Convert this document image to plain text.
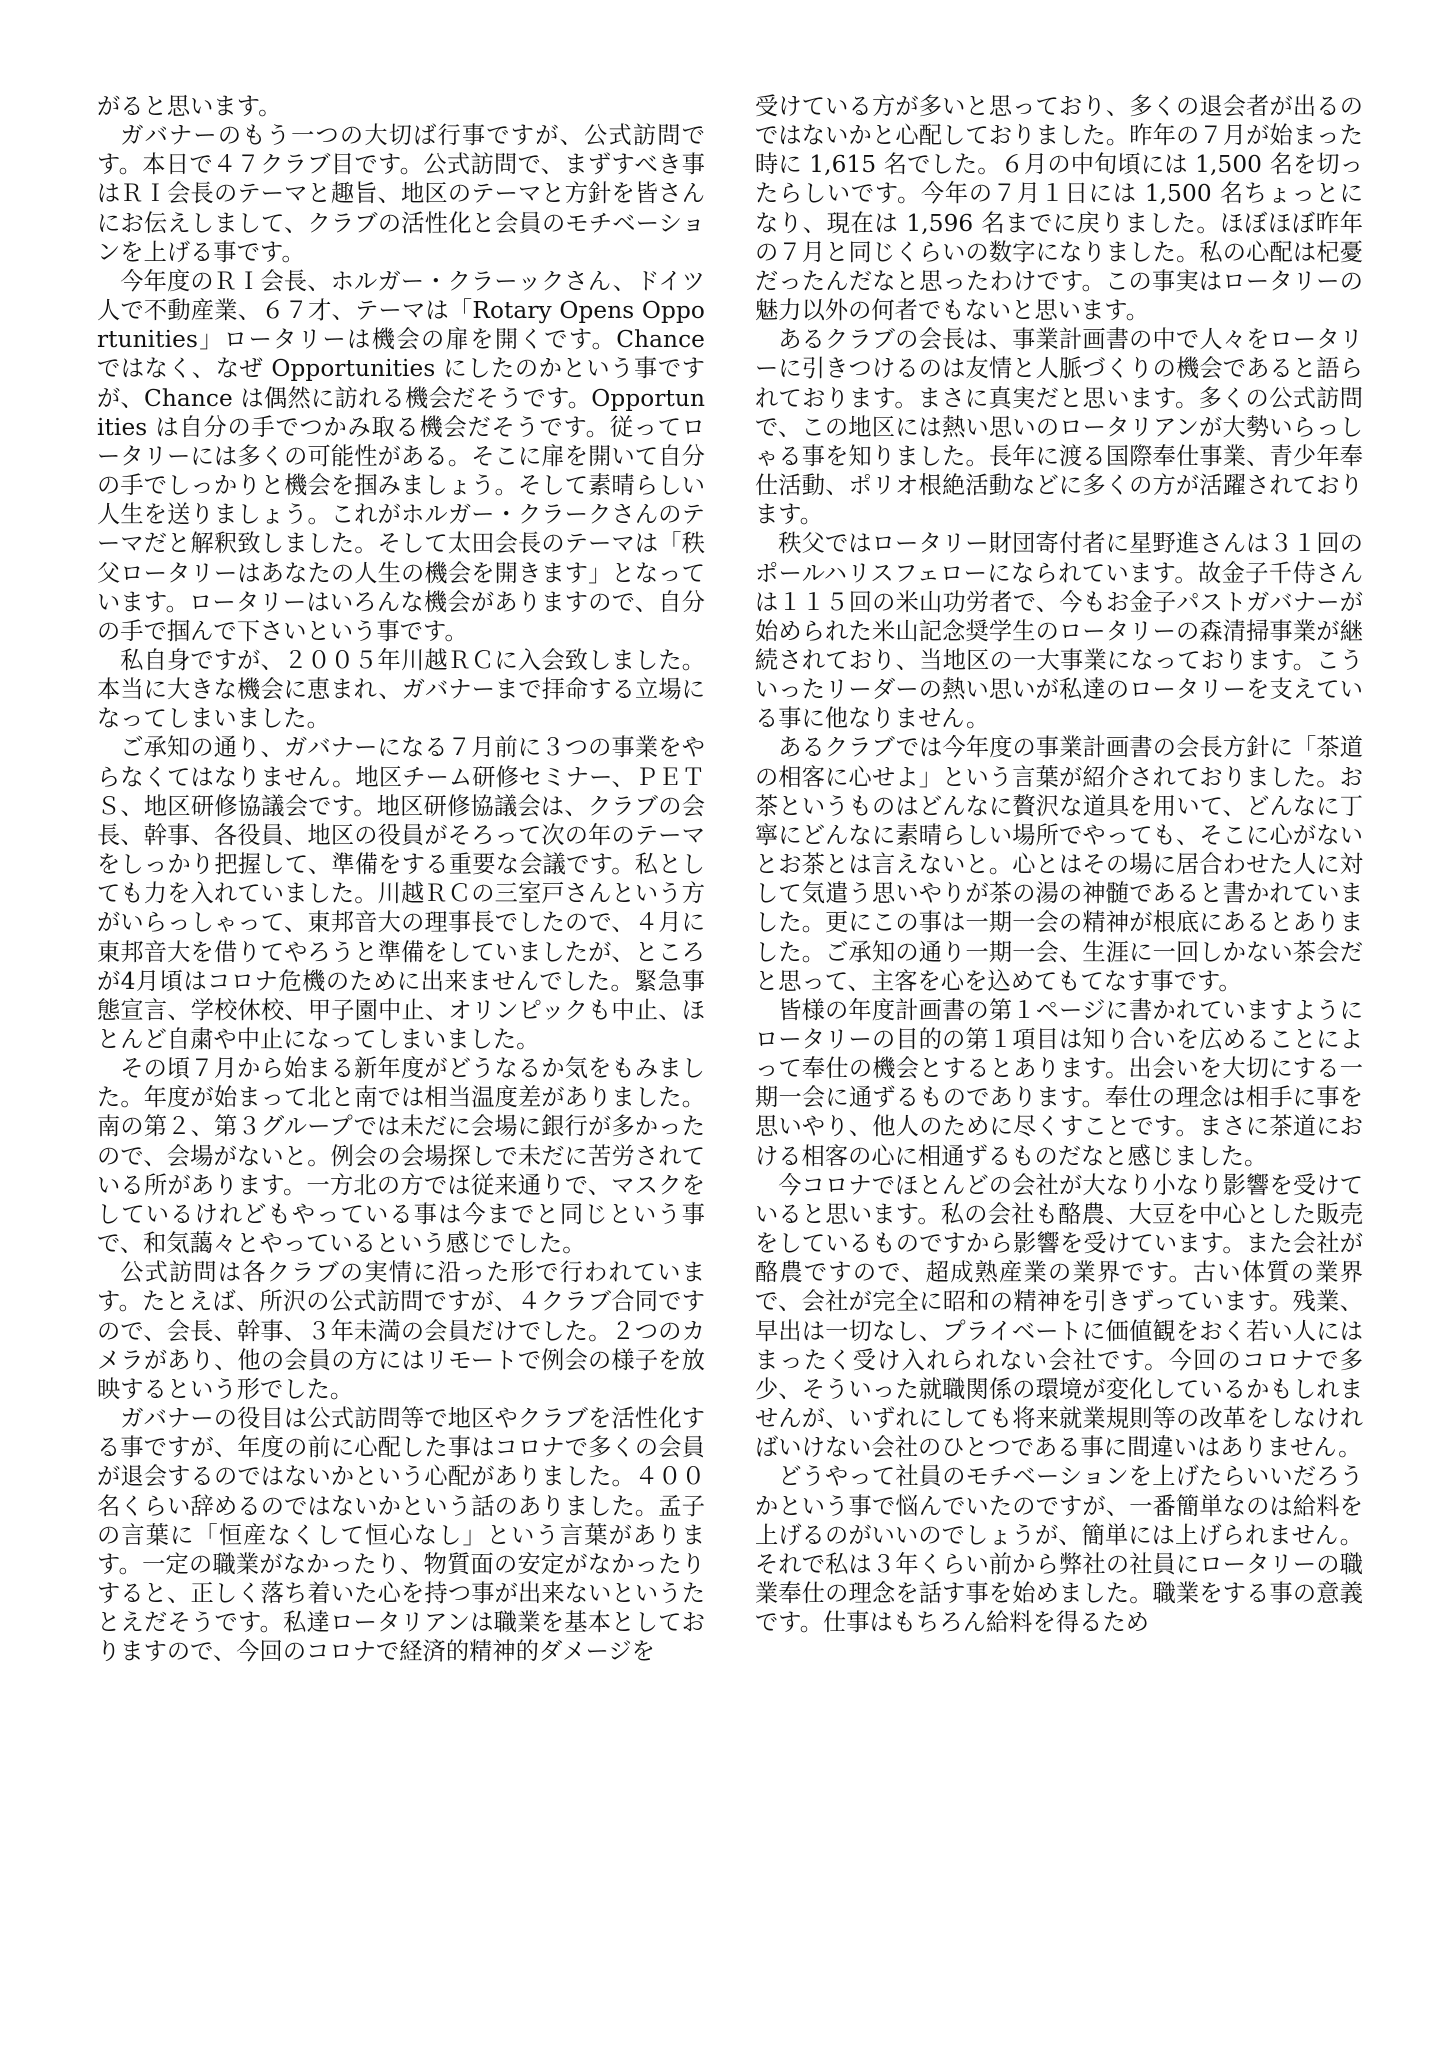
がると思います。

ガバナーのもう一つの大切ば行事ですが、公式訪問です。本日で４７クラブ目です。公式訪問で、まずすべき事はＲＩ会長のテーマと趣旨、地区のテーマと方針を皆さんにお伝えしまして、クラブの活性化と会員のモチベーションを上げる事です。

今年度のＲＩ会長、ホルガー・クラーックさん、ドイツ人で不動産業、６７才、テーマは「Rotary Opens Opportunities」ロータリーは機会の扉を開くです。Chance ではなく、なぜ Opportunities にしたのかという事ですが、Chance は偶然に訪れる機会だそうです。Opportunities は自分の手でつかみ取る機会だそうです。従ってロータリーには多くの可能性がある。そこに扉を開いて自分の手でしっかりと機会を掴みましょう。そして素晴らしい人生を送りましょう。これがホルガー・クラークさんのテーマだと解釈致しました。そして太田会長のテーマは「秩父ロータリーはあなたの人生の機会を開きます」となっています。ロータリーはいろんな機会がありますので、自分の手で掴んで下さいという事です。

私自身ですが、２００５年川越ＲＣに入会致しました。本当に大きな機会に恵まれ、ガバナーまで拝命する立場になってしまいました。

ご承知の通り、ガバナーになる７月前に３つの事業をやらなくてはなりません。地区チーム研修セミナー、ＰＥＴＳ、地区研修協議会です。地区研修協議会は、クラブの会長、幹事、各役員、地区の役員がそろって次の年のテーマをしっかり把握して、準備をする重要な会議です。私としても力を入れていました。川越ＲＣの三室戸さんという方がいらっしゃって、東邦音大の理事長でしたので、４月に東邦音大を借りてやろうと準備をしていましたが、ところが4月頃はコロナ危機のために出来ませんでした。緊急事態宣言、学校休校、甲子園中止、オリンピックも中止、ほとんど自粛や中止になってしまいました。

その頃７月から始まる新年度がどうなるか気をもみました。年度が始まって北と南では相当温度差がありました。南の第２、第３グループでは未だに会場に銀行が多かったので、会場がないと。例会の会場探しで未だに苦労されている所があります。一方北の方では従来通りで、マスクをしているけれどもやっている事は今までと同じという事で、和気藹々とやっているという感じでした。

公式訪問は各クラブの実情に沿った形で行われています。たとえば、所沢の公式訪問ですが、４クラブ合同ですので、会長、幹事、３年未満の会員だけでした。２つのカメラがあり、他の会員の方にはリモートで例会の様子を放映するという形でした。

ガバナーの役目は公式訪問等で地区やクラブを活性化する事ですが、年度の前に心配した事はコロナで多くの会員が退会するのではないかという心配がありました。４００名くらい辞めるのではないかという話のありました。孟子の言葉に「恒産なくして恒心なし」という言葉があります。一定の職業がなかったり、物質面の安定がなかったりすると、正しく落ち着いた心を持つ事が出来ないというたとえだそうです。私達ロータリアンは職業を基本としておりますので、今回のコロナで経済的精神的ダメージを

受けている方が多いと思っており、多くの退会者が出るのではないかと心配しておりました。昨年の７月が始まった時に 1,615 名でした。６月の中旬頃には 1,500 名を切ったらしいです。今年の７月１日には 1,500 名ちょっとになり、現在は 1,596 名までに戻りました。ほぼほぼ昨年の７月と同じくらいの数字になりました。私の心配は杞憂だったんだなと思ったわけです。この事実はロータリーの魅力以外の何者でもないと思います。

あるクラブの会長は、事業計画書の中で人々をロータリーに引きつけるのは友情と人脈づくりの機会であると語られております。まさに真実だと思います。多くの公式訪問で、この地区には熱い思いのロータリアンが大勢いらっしゃる事を知りました。長年に渡る国際奉仕事業、青少年奉仕活動、ポリオ根絶活動などに多くの方が活躍されております。

秩父ではロータリー財団寄付者に星野進さんは３１回のポールハリスフェローになられています。故金子千侍さんは１１５回の米山功労者で、今もお金子パストガバナーが始められた米山記念奨学生のロータリーの森清掃事業が継続されており、当地区の一大事業になっております。こういったリーダーの熱い思いが私達のロータリーを支えている事に他なりません。

あるクラブでは今年度の事業計画書の会長方針に「茶道の相客に心せよ」という言葉が紹介されておりました。お茶というものはどんなに贅沢な道具を用いて、どんなに丁寧にどんなに素晴らしい場所でやっても、そこに心がないとお茶とは言えないと。心とはその場に居合わせた人に対して気遣う思いやりが茶の湯の神髄であると書かれていました。更にこの事は一期一会の精神が根底にあるとありました。ご承知の通り一期一会、生涯に一回しかない茶会だと思って、主客を心を込めてもてなす事です。

皆様の年度計画書の第１ページに書かれていますようにロータリーの目的の第１項目は知り合いを広めることによって奉仕の機会とするとあります。出会いを大切にする一期一会に通ずるものであります。奉仕の理念は相手に事を思いやり、他人のために尽くすことです。まさに茶道における相客の心に相通ずるものだなと感じました。

今コロナでほとんどの会社が大なり小なり影響を受けていると思います。私の会社も酪農、大豆を中心とした販売をしているものですから影響を受けています。また会社が酪農ですので、超成熟産業の業界です。古い体質の業界で、会社が完全に昭和の精神を引きずっています。残業、早出は一切なし、プライベートに価値観をおく若い人にはまったく受け入れられない会社です。今回のコロナで多少、そういった就職関係の環境が変化しているかもしれませんが、いずれにしても将来就業規則等の改革をしなければいけない会社のひとつである事に間違いはありません。

どうやって社員のモチベーションを上げたらいいだろうかという事で悩んでいたのですが、一番簡単なのは給料を上げるのがいいのでしょうが、簡単には上げられません。それで私は３年くらい前から弊社の社員にロータリーの職業奉仕の理念を話す事を始めました。職業をする事の意義です。仕事はもちろん給料を得るため
